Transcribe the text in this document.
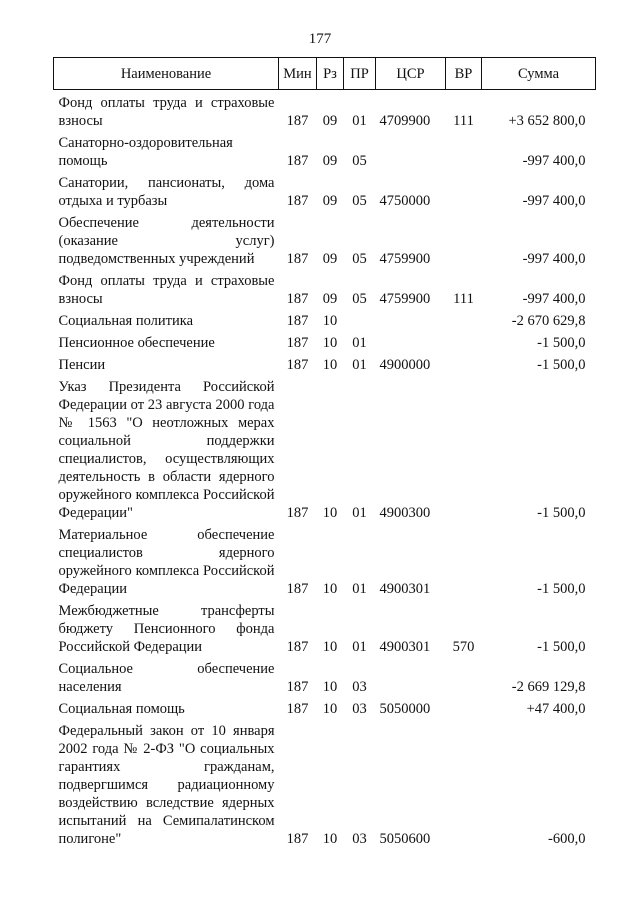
177
Наименование	Мин	Рз	ПР	ЦСР	ВР	Сумма
Фонд оплаты труда и страховые взносы	187	09	01	4709900	111	+3 652 800,0
Санаторно-оздоровительная помощь	187	09	05			-997 400,0
Санатории, пансионаты, дома отдыха и турбазы	187	09	05	4750000		-997 400,0
Обеспечение деятельности (оказание услуг) подведомственных учреждений	187	09	05	4759900		-997 400,0
Фонд оплаты труда и страховые взносы	187	09	05	4759900	111	-997 400,0
Социальная политика	187	10				-2 670 629,8
Пенсионное обеспечение	187	10	01			-1 500,0
Пенсии	187	10	01	4900000		-1 500,0
Указ Президента Российской Федерации от 23 августа 2000 года № 1563 "О неотложных мерах социальной поддержки специалистов, осуществляющих деятельность в области ядерного оружейного комплекса Российской Федерации"	187	10	01	4900300		-1 500,0
Материальное обеспечение специалистов ядерного оружейного комплекса Российской Федерации	187	10	01	4900301		-1 500,0
Межбюджетные трансферты бюджету Пенсионного фонда Российской Федерации	187	10	01	4900301	570	-1 500,0
Социальное обеспечение населения	187	10	03			-2 669 129,8
Социальная помощь	187	10	03	5050000		+47 400,0
Федеральный закон от 10 января 2002 года № 2-ФЗ "О социальных гарантиях гражданам, подвергшимся радиационному воздействию вследствие ядерных испытаний на Семипалатинском полигоне"	187	10	03	5050600		-600,0
